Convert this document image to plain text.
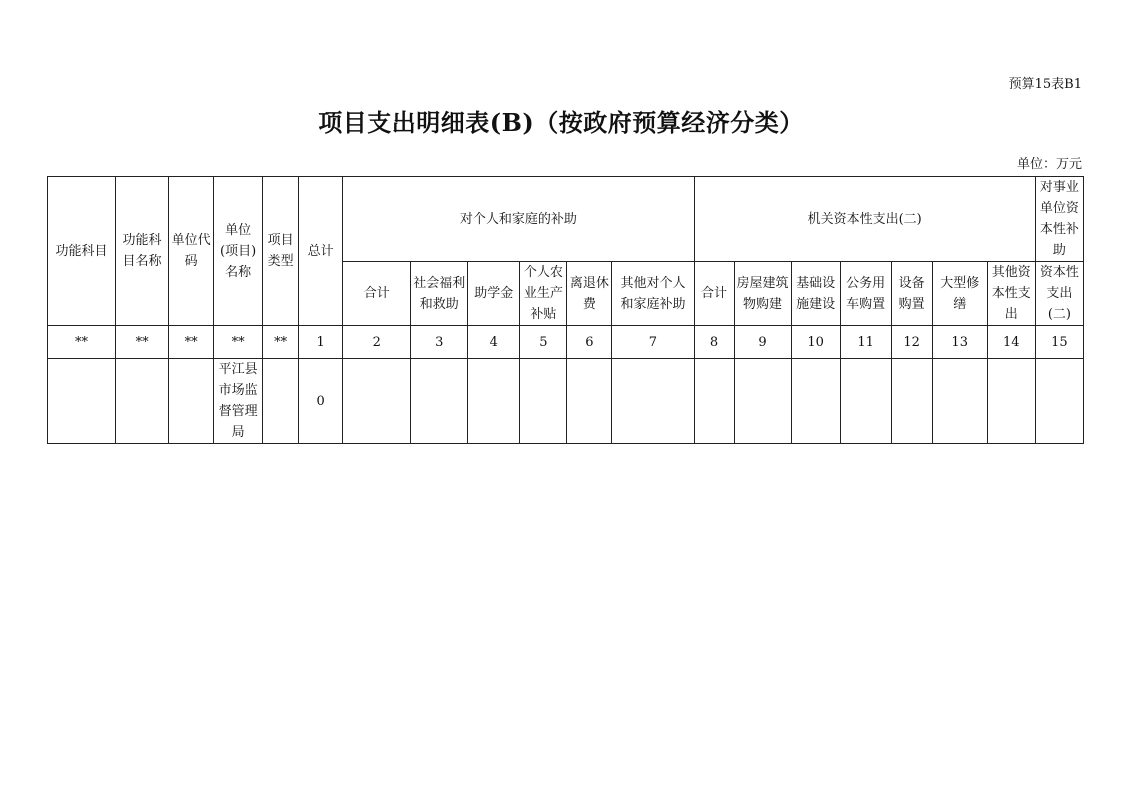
预算15表B1
项目支出明细表(B)（按政府预算经济分类）
单位：万元
功能科目	功能科目名称	单位代码	单位(项目)名称	项目类型	总计	对个人和家庭的补助						机关资本性支出(二)							对事业单位资本性补助
						合计	社会福利和救助	助学金	个人农业生产补贴	离退休费	其他对个人和家庭补助	合计	房屋建筑物购建	基础设施建设	公务用车购置	设备购置	大型修缮	其他资本性支出	资本性支出(二)
**	**	**	**	**	1	2	3	4	5	6	7	8	9	10	11	12	13	14	15
			平江县市场监督管理局		0														
